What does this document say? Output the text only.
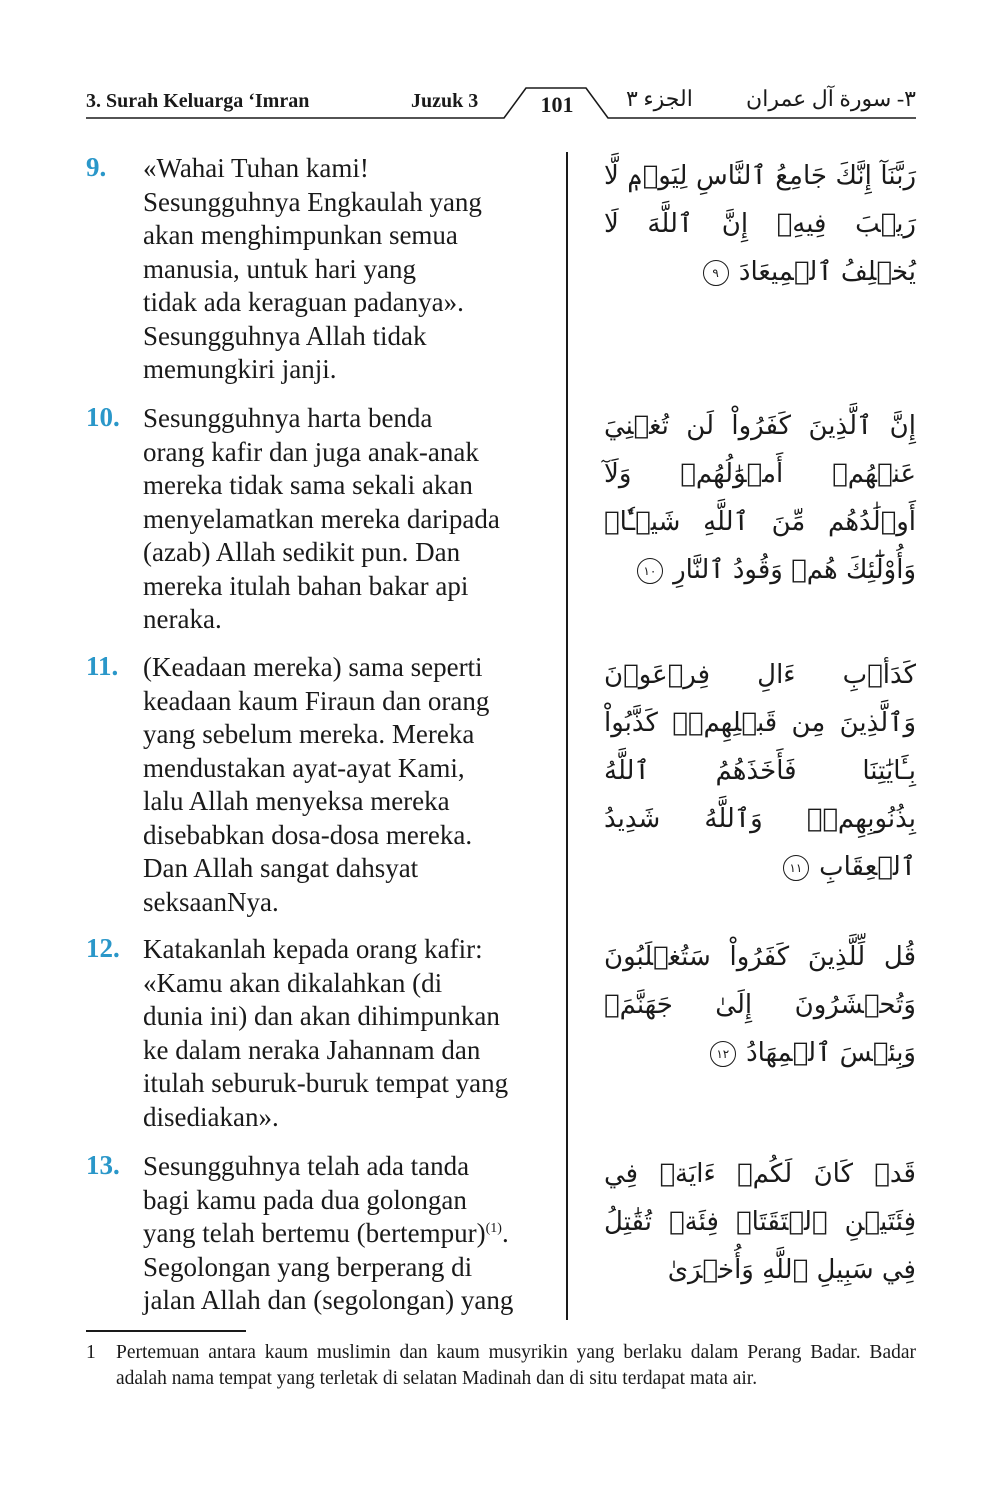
3. Surah Keluarga ‘Imran	Juzuk 3	101	الجزء ٣ ٣- سورة آل عمران
9. «Wahai Tuhan kami!
Sesungguhnya Engkaulah yang
akan menghimpunkan semua
manusia, untuk hari yang
tidak ada keraguan padanya».
Sesungguhnya Allah tidak
memungkiri janji.
رَبَّنَآ إِنَّكَ جَامِعُ ٱلنَّاسِ لِيَوۡمٖ لَّا رَيۡبَ فِيهِۚ إِنَّ ٱللَّهَ لَا يُخۡلِفُ ٱلۡمِيعَادَ ٩
10. Sesungguhnya harta benda
orang kafir dan juga anak-anak
mereka tidak sama sekali akan
menyelamatkan mereka daripada
(azab) Allah sedikit pun. Dan
mereka itulah bahan bakar api
neraka.
إِنَّ ٱلَّذِينَ كَفَرُواْ لَن تُغۡنِيَ عَنۡهُمۡ أَمۡوَٰلُهُمۡ وَلَآ أَوۡلَٰدُهُم مِّنَ ٱللَّهِ شَيۡـٔٗاۖ وَأُوْلَٰٓئِكَ هُمۡ وَقُودُ ٱلنَّارِ ١٠
11. (Keadaan mereka) sama seperti
keadaan kaum Firaun dan orang
yang sebelum mereka. Mereka
mendustakan ayat-ayat Kami,
lalu Allah menyeksa mereka
disebabkan dosa-dosa mereka.
Dan Allah sangat dahsyat
seksaanNya.
كَدَأۡبِ ءَالِ فِرۡعَوۡنَ وَٱلَّذِينَ مِن قَبۡلِهِمۡۚ كَذَّبُواْ بِـَٔايَٰتِنَا فَأَخَذَهُمُ ٱللَّهُ بِذُنُوبِهِمۡۗ وَٱللَّهُ شَدِيدُ ٱلۡعِقَابِ ١١
12. Katakanlah kepada orang kafir:
«Kamu akan dikalahkan (di
dunia ini) dan akan dihimpunkan
ke dalam neraka Jahannam dan
itulah seburuk-buruk tempat yang
disediakan».
قُل لِّلَّذِينَ كَفَرُواْ سَتُغۡلَبُونَ وَتُحۡشَرُونَ إِلَىٰ جَهَنَّمَۖ وَبِئۡسَ ٱلۡمِهَادُ ١٢
13. Sesungguhnya telah ada tanda
bagi kamu pada dua golongan
yang telah bertemu (bertempur)$^{(1)}$.
Segolongan yang berperang di
jalan Allah dan (segolongan) yang
قَدۡ كَانَ لَكُمۡ ءَايَةٞ فِي فِئَتَيۡنِ ٱلۡتَقَتَاۖ فِئَةٞ تُقَٰتِلُ فِي سَبِيلِ ٱللَّهِ وَأُخۡرَىٰ
1 Pertemuan antara kaum muslimin dan kaum musyrikin yang berlaku dalam Perang Badar. Badar adalah nama tempat yang terletak di selatan Madinah dan di situ terdapat mata air.
